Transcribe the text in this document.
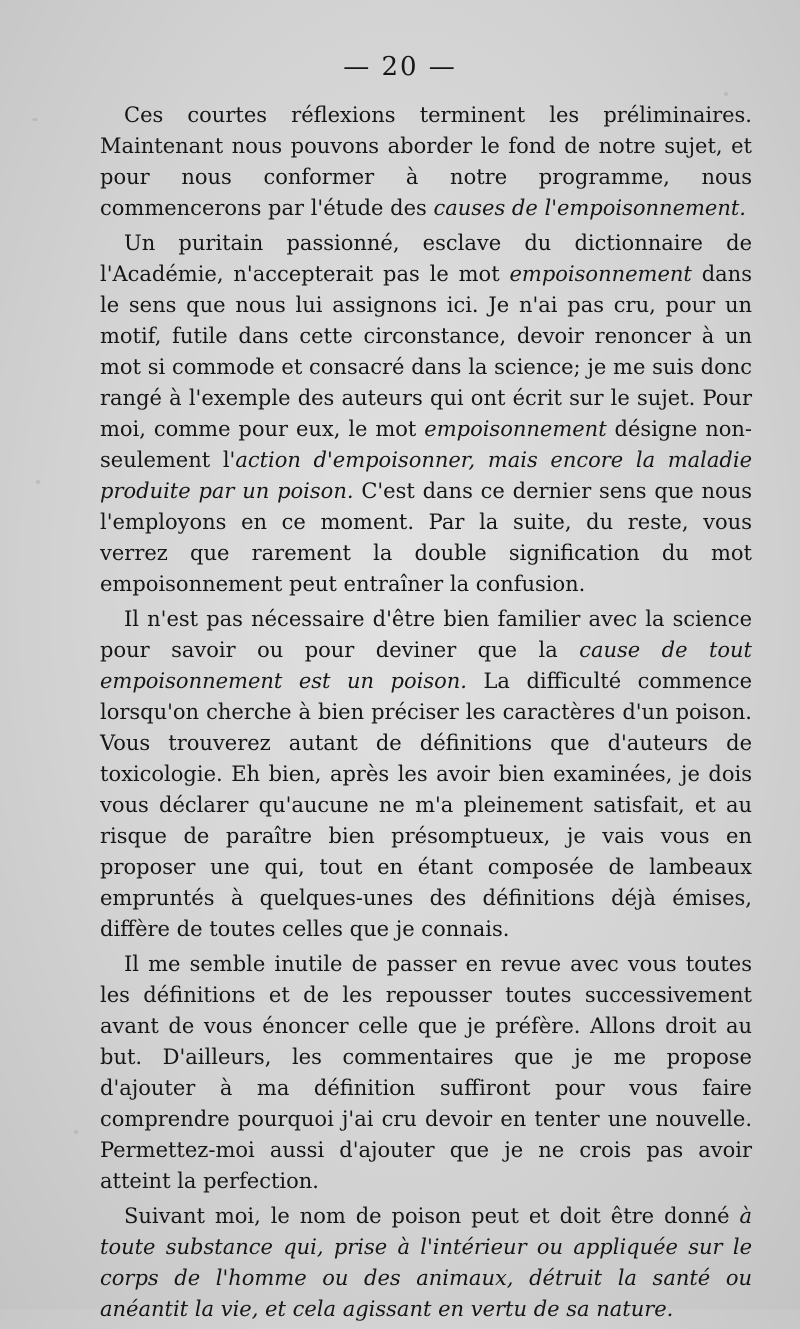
— 20 —

Ces courtes réflexions terminent les préliminaires. Maintenant nous pouvons aborder le fond de notre sujet, et pour nous conformer à notre programme, nous commencerons par l'étude des causes de l'empoisonnement.

Un puritain passionné, esclave du dictionnaire de l'Académie, n'accepterait pas le mot empoisonnement dans le sens que nous lui assignons ici. Je n'ai pas cru, pour un motif, futile dans cette circonstance, devoir renoncer à un mot si commode et consacré dans la science; je me suis donc rangé à l'exemple des auteurs qui ont écrit sur le sujet. Pour moi, comme pour eux, le mot empoisonnement désigne non-seulement l'action d'empoisonner, mais encore la maladie produite par un poison. C'est dans ce dernier sens que nous l'employons en ce moment. Par la suite, du reste, vous verrez que rarement la double signification du mot empoisonnement peut entraîner la confusion.

Il n'est pas nécessaire d'être bien familier avec la science pour savoir ou pour deviner que la cause de tout empoisonnement est un poison. La difficulté commence lorsqu'on cherche à bien préciser les caractères d'un poison. Vous trouverez autant de définitions que d'auteurs de toxicologie. Eh bien, après les avoir bien examinées, je dois vous déclarer qu'aucune ne m'a pleinement satisfait, et au risque de paraître bien présomptueux, je vais vous en proposer une qui, tout en étant composée de lambeaux empruntés à quelques-unes des définitions déjà émises, diffère de toutes celles que je connais.

Il me semble inutile de passer en revue avec vous toutes les définitions et de les repousser toutes successivement avant de vous énoncer celle que je préfère. Allons droit au but. D'ailleurs, les commentaires que je me propose d'ajouter à ma définition suffiront pour vous faire comprendre pourquoi j'ai cru devoir en tenter une nouvelle. Permettez-moi aussi d'ajouter que je ne crois pas avoir atteint la perfection.

Suivant moi, le nom de poison peut et doit être donné à toute substance qui, prise à l'intérieur ou appliquée sur le corps de l'homme ou des animaux, détruit la santé ou anéantit la vie, et cela agissant en vertu de sa nature.
